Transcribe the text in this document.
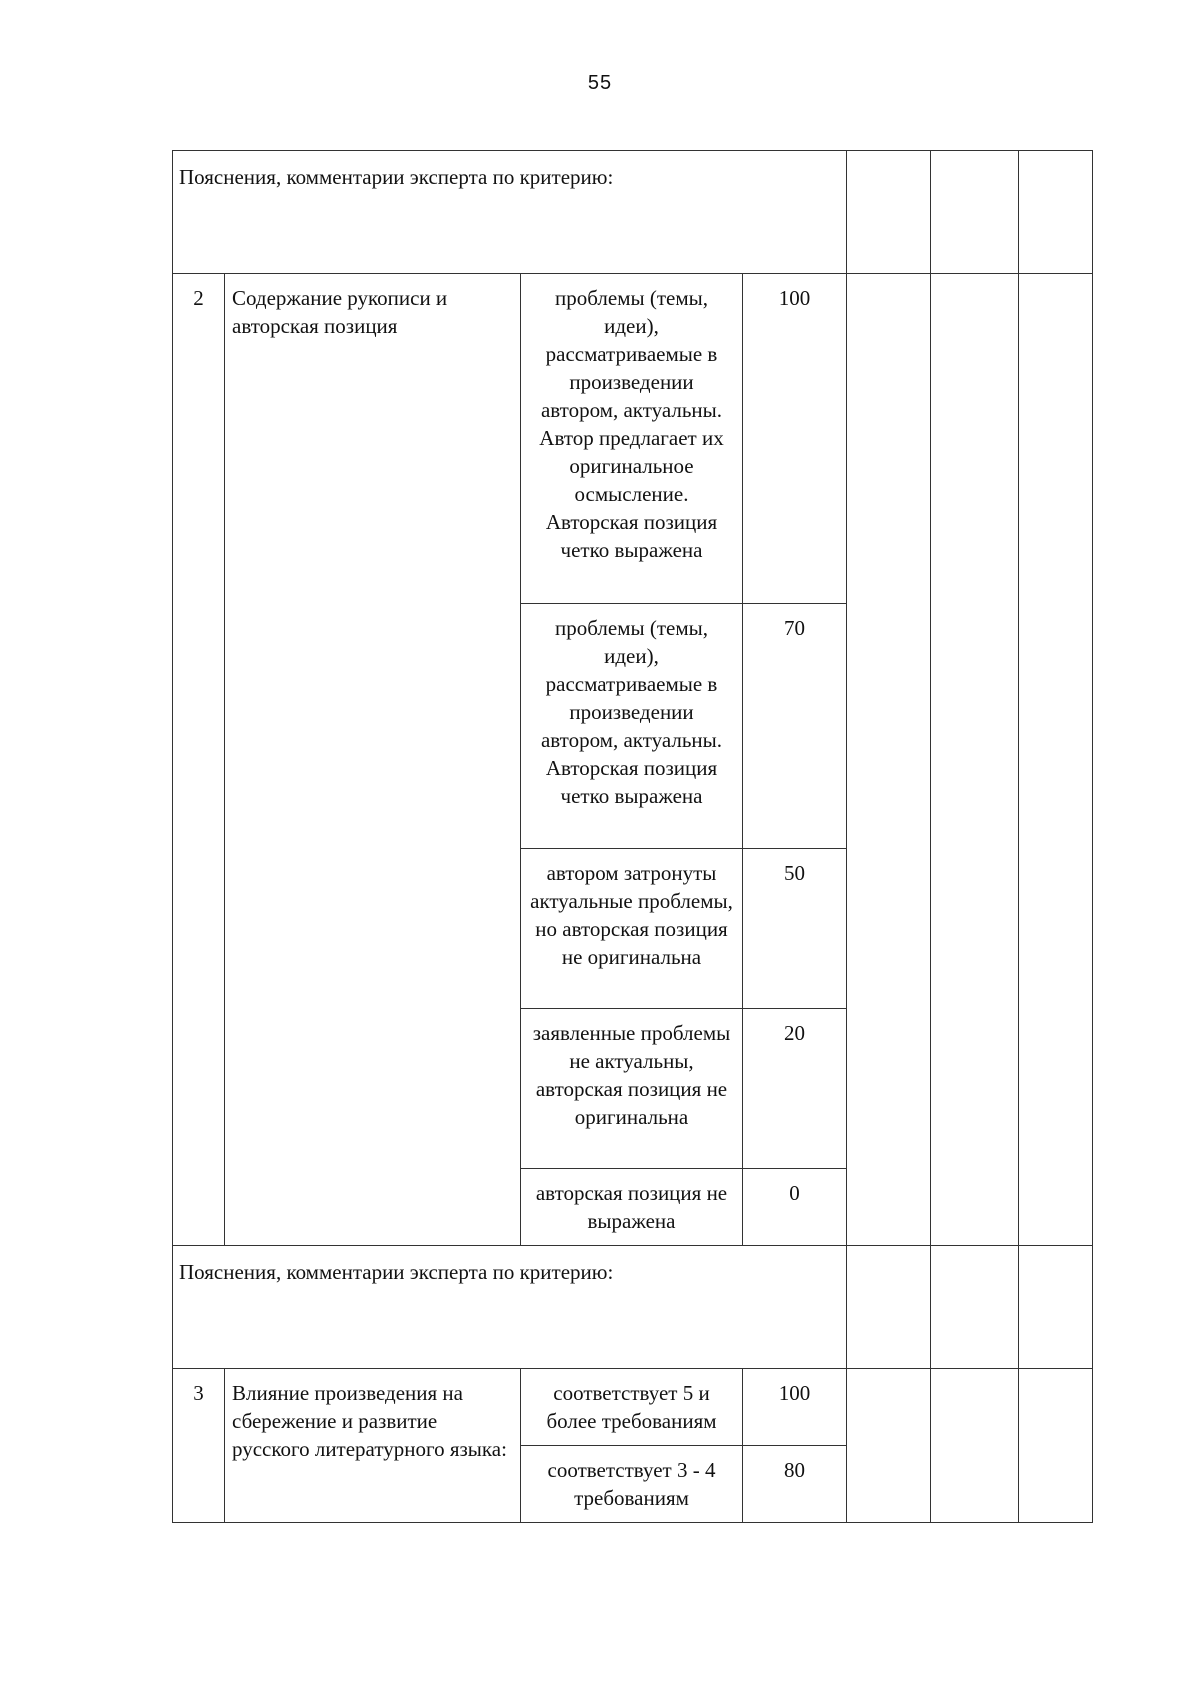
55
Пояснения, комментарии эксперта по критерию:						
2	Содержание рукописи и авторская позиция	проблемы (темы, идеи), рассматриваемые в произведении автором, актуальны. Автор предлагает их оригинальное осмысление. Авторская позиция четко выражена	100			

		проблемы (темы, идеи), рассматриваемые в произведении автором, актуальны. Авторская позиция четко выражена	70			

		автором затронуты актуальные проблемы, но авторская позиция не оригинальна	50			

		заявленные проблемы не актуальны, авторская позиция не оригинальна	20			

		авторская позиция не выражена	0			
Пояснения, комментарии эксперта по критерию:						
3	Влияние произведения на сбережение и развитие русского литературного языка:	соответствует 5 и более требованиям	100			

		соответствует 3 - 4 требованиям	80			
